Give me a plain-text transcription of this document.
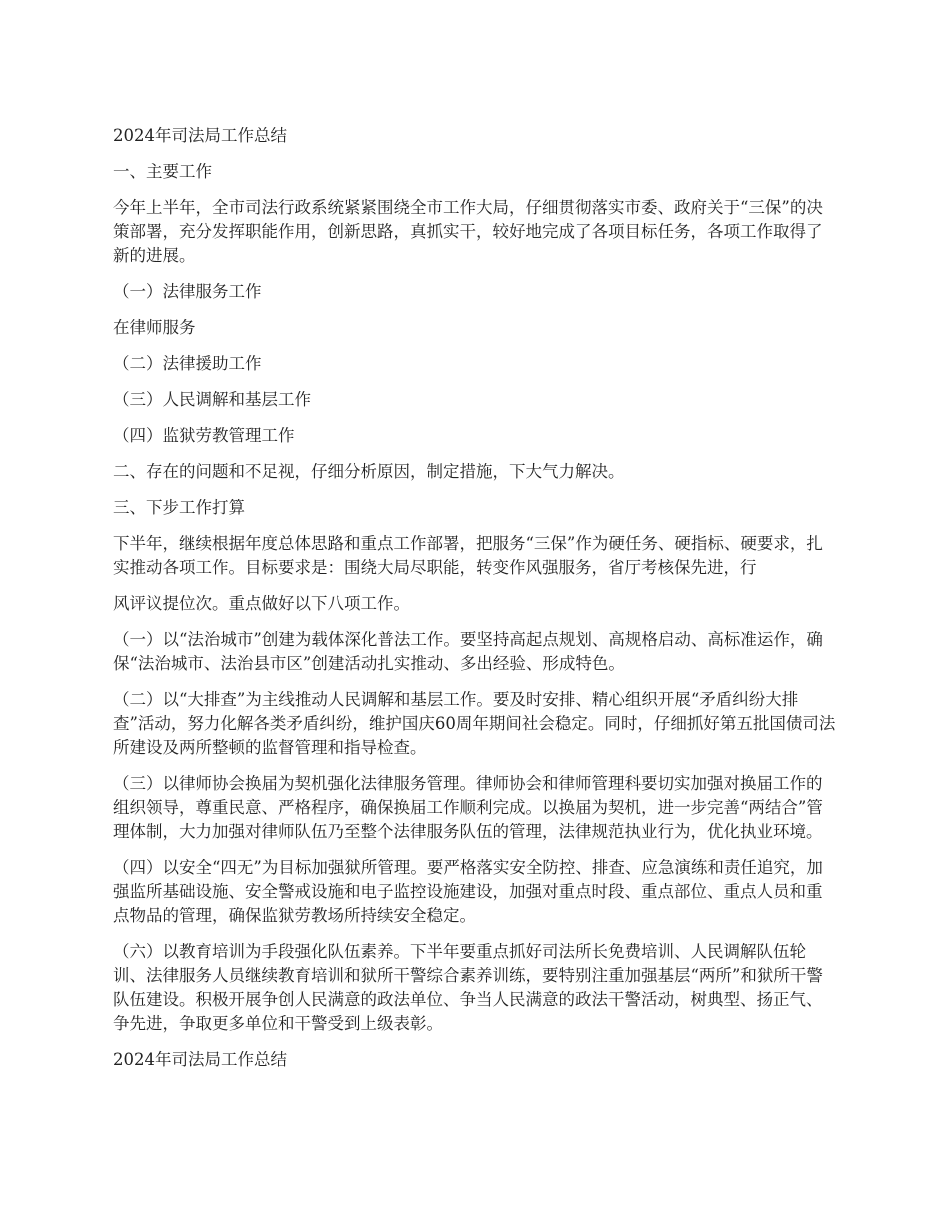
2024年司法局工作总结

一、主要工作

今年上半年，全市司法行政系统紧紧围绕全市工作大局，仔细贯彻落实市委、政府关于“三保”的决策部署，充分发挥职能作用，创新思路，真抓实干，较好地完成了各项目标任务，各项工作取得了新的进展。

（一）法律服务工作

在律师服务

（二）法律援助工作

（三）人民调解和基层工作

（四）监狱劳教管理工作

二、存在的问题和不足视，仔细分析原因，制定措施，下大气力解决。

三、下步工作打算

下半年，继续根据年度总体思路和重点工作部署，把服务“三保”作为硬任务、硬指标、硬要求，扎实推动各项工作。目标要求是：围绕大局尽职能，转变作风强服务，省厅考核保先进，行

风评议提位次。重点做好以下八项工作。

（一）以“法治城市”创建为载体深化普法工作。要坚持高起点规划、高规格启动、高标准运作，确保“法治城市、法治县市区”创建活动扎实推动、多出经验、形成特色。

（二）以“大排查”为主线推动人民调解和基层工作。要及时安排、精心组织开展“矛盾纠纷大排查”活动，努力化解各类矛盾纠纷，维护国庆60周年期间社会稳定。同时，仔细抓好第五批国债司法所建设及两所整顿的监督管理和指导检查。

（三）以律师协会换届为契机强化法律服务管理。律师协会和律师管理科要切实加强对换届工作的组织领导，尊重民意、严格程序，确保换届工作顺利完成。以换届为契机，进一步完善“两结合”管理体制，大力加强对律师队伍乃至整个法律服务队伍的管理，法律规范执业行为，优化执业环境。

（四）以安全“四无”为目标加强狱所管理。要严格落实安全防控、排查、应急演练和责任追究，加强监所基础设施、安全警戒设施和电子监控设施建设，加强对重点时段、重点部位、重点人员和重点物品的管理，确保监狱劳教场所持续安全稳定。

（六）以教育培训为手段强化队伍素养。下半年要重点抓好司法所长免费培训、人民调解队伍轮训、法律服务人员继续教育培训和狱所干警综合素养训练，要特别注重加强基层“两所”和狱所干警队伍建设。积极开展争创人民满意的政法单位、争当人民满意的政法干警活动，树典型、扬正气、争先进，争取更多单位和干警受到上级表彰。

2024年司法局工作总结
